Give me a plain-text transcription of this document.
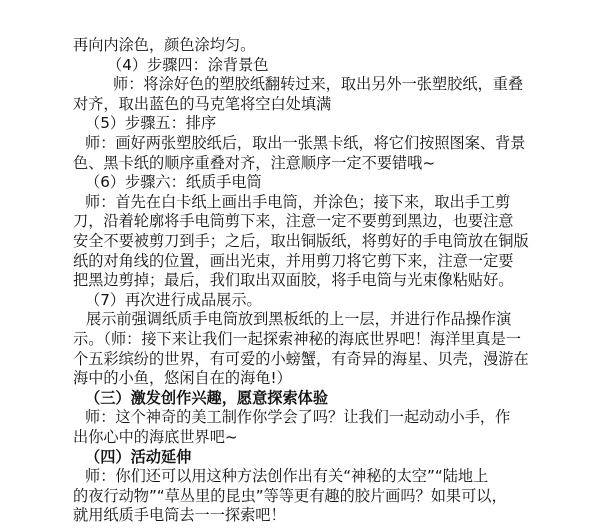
再向内涂色，颜色涂均匀。

（4）步骤四：涂背景色

师：将涂好色的塑胶纸翻转过来，取出另外一张塑胶纸，重叠

对齐，取出蓝色的马克笔将空白处填满

（5）步骤五：排序

师：画好两张塑胶纸后，取出一张黑卡纸，将它们按照图案、背景

色、黑卡纸的顺序重叠对齐，注意顺序一定不要错哦~

（6）步骤六：纸质手电筒

师：首先在白卡纸上画出手电筒，并涂色；接下来，取出手工剪

刀，沿着轮廓将手电筒剪下来，注意一定不要剪到黑边，也要注意

安全不要被剪刀到手；之后，取出铜版纸，将剪好的手电筒放在铜版

纸的对角线的位置，画出光束，并用剪刀将它剪下来，注意一定要

把黑边剪掉；最后，我们取出双面胶，将手电筒与光束像粘贴好。

（7）再次进行成品展示。

展示前强调纸质手电筒放到黑板纸的上一层，并进行作品操作演

示。（师：接下来让我们一起探索神秘的海底世界吧！海洋里真是一

个五彩缤纷的世界，有可爱的小螃蟹，有奇异的海星、贝壳，漫游在

海中的小鱼，悠闲自在的海龟!）

（三）激发创作兴趣，愿意探索体验

师：这个神奇的美工制作你学会了吗？让我们一起动动小手，作

出你心中的海底世界吧~

（四）活动延伸

师：你们还可以用这种方法创作出有关“神秘的太空”“陆地上

的夜行动物”“草丛里的昆虫”等等更有趣的胶片画吗？如果可以，

就用纸质手电筒去一一探索吧！
